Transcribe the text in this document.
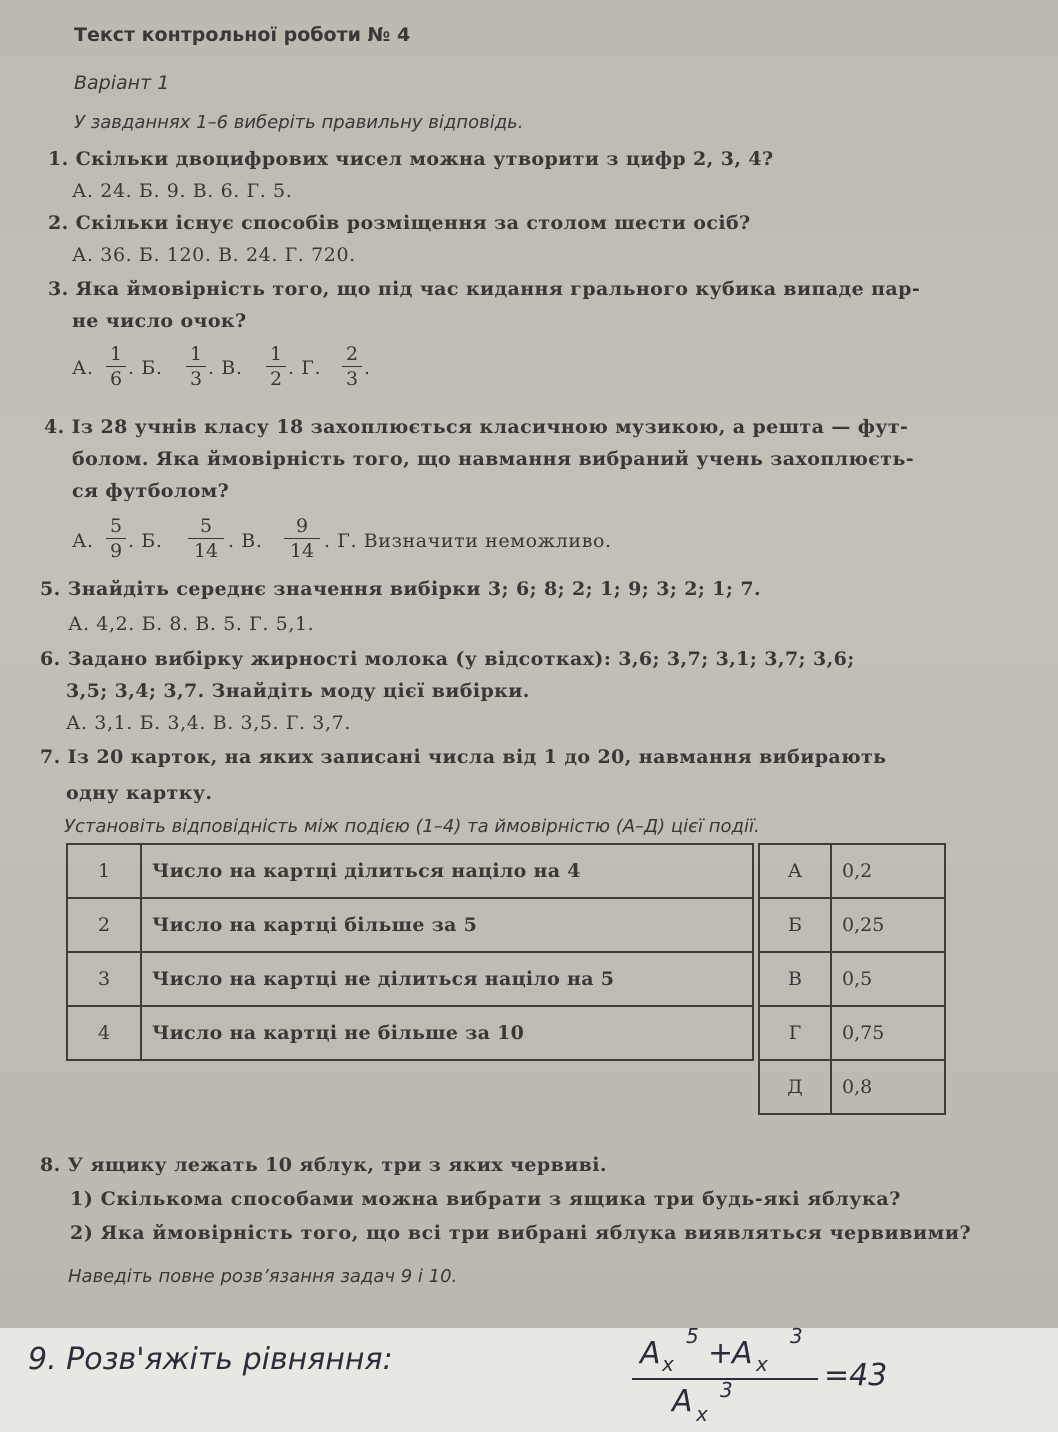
Текст контрольної роботи № 4
Варіант 1
У завданнях 1–6 виберіть правильну відповідь.
1. Скільки двоцифрових чисел можна утворити з цифр 2, 3, 4?
А. 24. Б. 9. В. 6. Г. 5.
2. Скільки існує способів розміщення за столом шести осіб?
А. 36. Б. 120. В. 24. Г. 720.
3. Яка ймовірність того, що під час кидання грального кубика випаде пар-
не число очок?
А.
1
6 . Б.
1
3 . В.
1
2 . Г.
2
3 .
4. Із 28 учнів класу 18 захоплюється класичною музикою, а решта — фут-
болом. Яка ймовірність того, що навмання вибраний учень захоплюєть-
ся футболом?
А.
5
9 . Б.
5
14 . В.
9
14 . Г. Визначити неможливо.
5. Знайдіть середнє значення вибірки 3; 6; 8; 2; 1; 9; 3; 2; 1; 7.
А. 4,2. Б. 8. В. 5. Г. 5,1.
6. Задано вибірку жирності молока (у відсотках): 3,6; 3,7; 3,1; 3,7; 3,6;
3,5; 3,4; 3,7. Знайдіть моду цієї вибірки.
А. 3,1. Б. 3,4. В. 3,5. Г. 3,7.
7. Із 20 карток, на яких записані числа від 1 до 20, навмання вибирають
одну картку.
Установіть відповідність між подією (1–4) та ймовірністю (А–Д) цієї події.
1	Число на картці ділиться націло на 4		А	0,2
2	Число на картці більше за 5		Б	0,25
3	Число на картці не ділиться націло на 5		В	0,5
4	Число на картці не більше за 10		Г	0,75
			Д	0,8
8. У ящику лежать 10 яблук, три з яких червиві.
1) Скількома способами можна вибрати з ящика три будь-які яблука?
2) Яка ймовірність того, що всі три вибрані яблука виявляться червивими?
Наведіть повне розв’язання задач 9 і 10.
9. Розв'яжіть рівняння:	A x
5 +
A x
3
=43
A x
3
